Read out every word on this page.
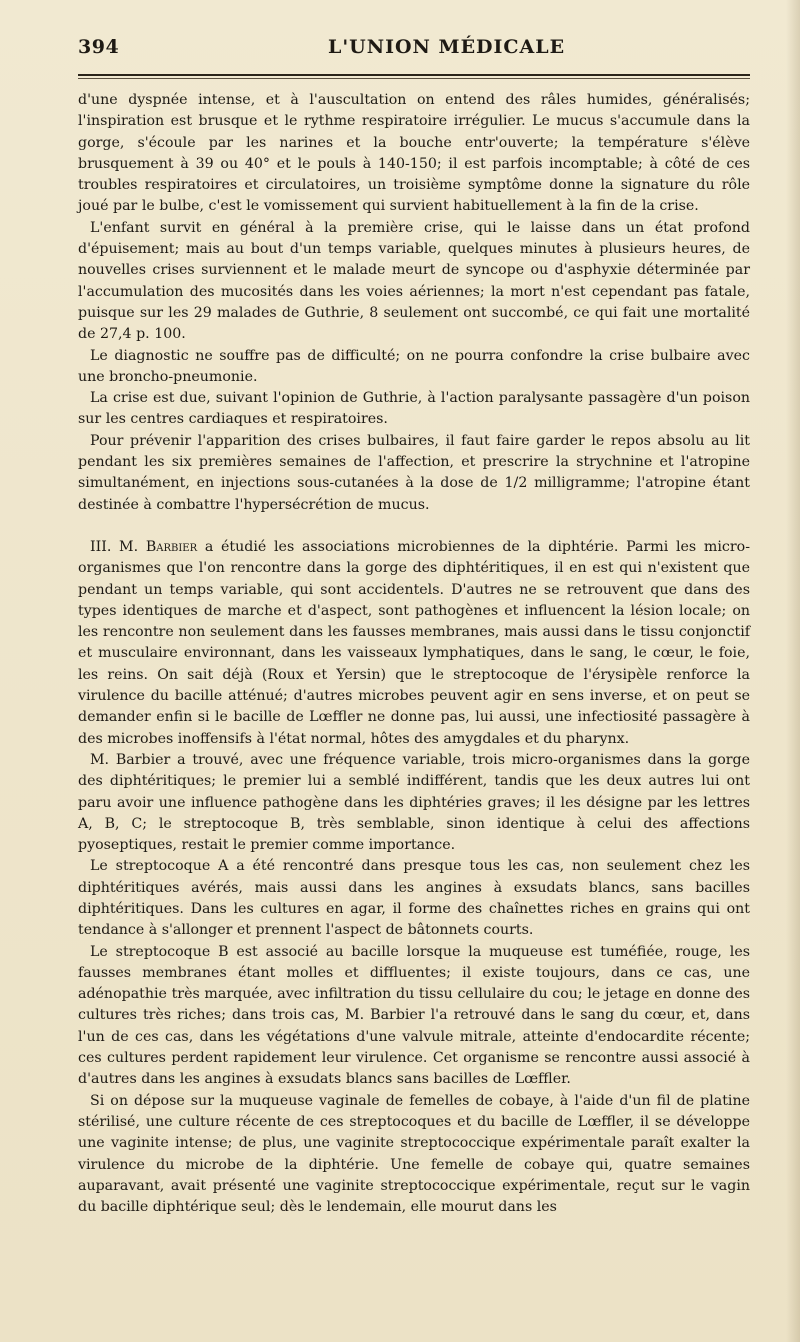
394	L'UNION MÉDICALE

d'une dyspnée intense, et à l'auscultation on entend des râles humides, généralisés; l'inspiration est brusque et le rythme respiratoire irrégulier. Le mucus s'accumule dans la gorge, s'écoule par les narines et la bouche entr'ouverte; la température s'élève brusquement à 39 ou 40° et le pouls à 140-150; il est parfois incomptable; à côté de ces troubles respiratoires et circulatoires, un troisième symptôme donne la signature du rôle joué par le bulbe, c'est le vomissement qui survient habituellement à la fin de la crise.

L'enfant survit en général à la première crise, qui le laisse dans un état profond d'épuisement; mais au bout d'un temps variable, quelques minutes à plusieurs heures, de nouvelles crises surviennent et le malade meurt de syncope ou d'asphyxie déterminée par l'accumulation des mucosités dans les voies aériennes; la mort n'est cependant pas fatale, puisque sur les 29 malades de Guthrie, 8 seulement ont succombé, ce qui fait une mortalité de 27,4 p. 100.

Le diagnostic ne souffre pas de difficulté; on ne pourra confondre la crise bulbaire avec une broncho-pneumonie.

La crise est due, suivant l'opinion de Guthrie, à l'action paralysante passagère d'un poison sur les centres cardiaques et respiratoires.

Pour prévenir l'apparition des crises bulbaires, il faut faire garder le repos absolu au lit pendant les six premières semaines de l'affection, et prescrire la strychnine et l'atropine simultanément, en injections sous-cutanées à la dose de 1/2 milligramme; l'atropine étant destinée à combattre l'hypersécrétion de mucus.

III. M. Barbier a étudié les associations microbiennes de la diphtérie. Parmi les micro-organismes que l'on rencontre dans la gorge des diphtéritiques, il en est qui n'existent que pendant un temps variable, qui sont accidentels. D'autres ne se retrouvent que dans des types identiques de marche et d'aspect, sont pathogènes et influencent la lésion locale; on les rencontre non seulement dans les fausses membranes, mais aussi dans le tissu conjonctif et musculaire environnant, dans les vaisseaux lymphatiques, dans le sang, le cœur, le foie, les reins. On sait déjà (Roux et Yersin) que le streptocoque de l'érysipèle renforce la virulence du bacille atténué; d'autres microbes peuvent agir en sens inverse, et on peut se demander enfin si le bacille de Lœffler ne donne pas, lui aussi, une infectiosité passagère à des microbes inoffensifs à l'état normal, hôtes des amygdales et du pharynx.

M. Barbier a trouvé, avec une fréquence variable, trois micro-organismes dans la gorge des diphtéritiques; le premier lui a semblé indifférent, tandis que les deux autres lui ont paru avoir une influence pathogène dans les diphtéries graves; il les désigne par les lettres A, B, C; le streptocoque B, très semblable, sinon identique à celui des affections pyoseptiques, restait le premier comme importance.

Le streptocoque A a été rencontré dans presque tous les cas, non seulement chez les diphtéritiques avérés, mais aussi dans les angines à exsudats blancs, sans bacilles diphtéritiques. Dans les cultures en agar, il forme des chaînettes riches en grains qui ont tendance à s'allonger et prennent l'aspect de bâtonnets courts.

Le streptocoque B est associé au bacille lorsque la muqueuse est tuméfiée, rouge, les fausses membranes étant molles et diffluentes; il existe toujours, dans ce cas, une adénopathie très marquée, avec infiltration du tissu cellulaire du cou; le jetage en donne des cultures très riches; dans trois cas, M. Barbier l'a retrouvé dans le sang du cœur, et, dans l'un de ces cas, dans les végétations d'une valvule mitrale, atteinte d'endocardite récente; ces cultures perdent rapidement leur virulence. Cet organisme se rencontre aussi associé à d'autres dans les angines à exsudats blancs sans bacilles de Lœffler.

Si on dépose sur la muqueuse vaginale de femelles de cobaye, à l'aide d'un fil de platine stérilisé, une culture récente de ces streptocoques et du bacille de Lœffler, il se développe une vaginite intense; de plus, une vaginite streptococcique expérimentale paraît exalter la virulence du microbe de la diphtérie. Une femelle de cobaye qui, quatre semaines auparavant, avait présenté une vaginite streptococcique expérimentale, reçut sur le vagin du bacille diphtérique seul; dès le lendemain, elle mourut dans les
